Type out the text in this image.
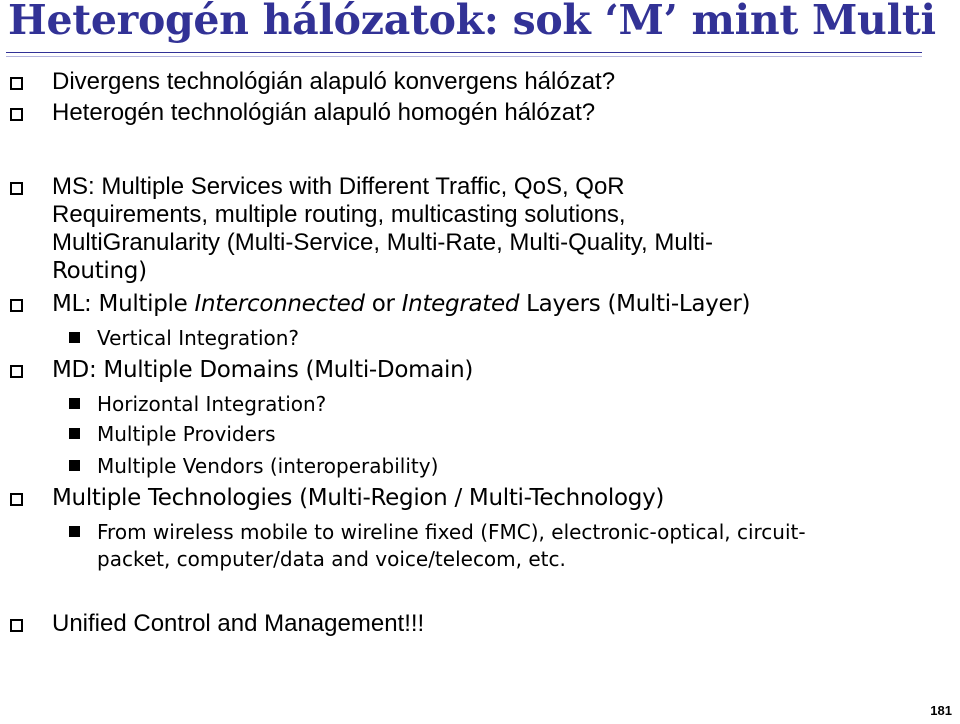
Heterogén hálózatok: sok ‘M’ mint Multi
Divergens technológián alapuló konvergens hálózat?
Heterogén technológián alapuló homogén hálózat?
MS: Multiple Services with Different Traffic, QoS, QoR
Requirements, multiple routing, multicasting solutions,
MultiGranularity (Multi-Service, Multi-Rate, Multi-Quality, Multi-
Routing)
ML: Multiple Interconnected or Integrated Layers (Multi-Layer)
Vertical Integration?
MD: Multiple Domains (Multi-Domain)
Horizontal Integration?
Multiple Providers
Multiple Vendors (interoperability)
Multiple Technologies (Multi-Region / Multi-Technology)
From wireless mobile to wireline fixed (FMC), electronic-optical, circuit-
packet, computer/data and voice/telecom, etc.
Unified Control and Management!!!
181
